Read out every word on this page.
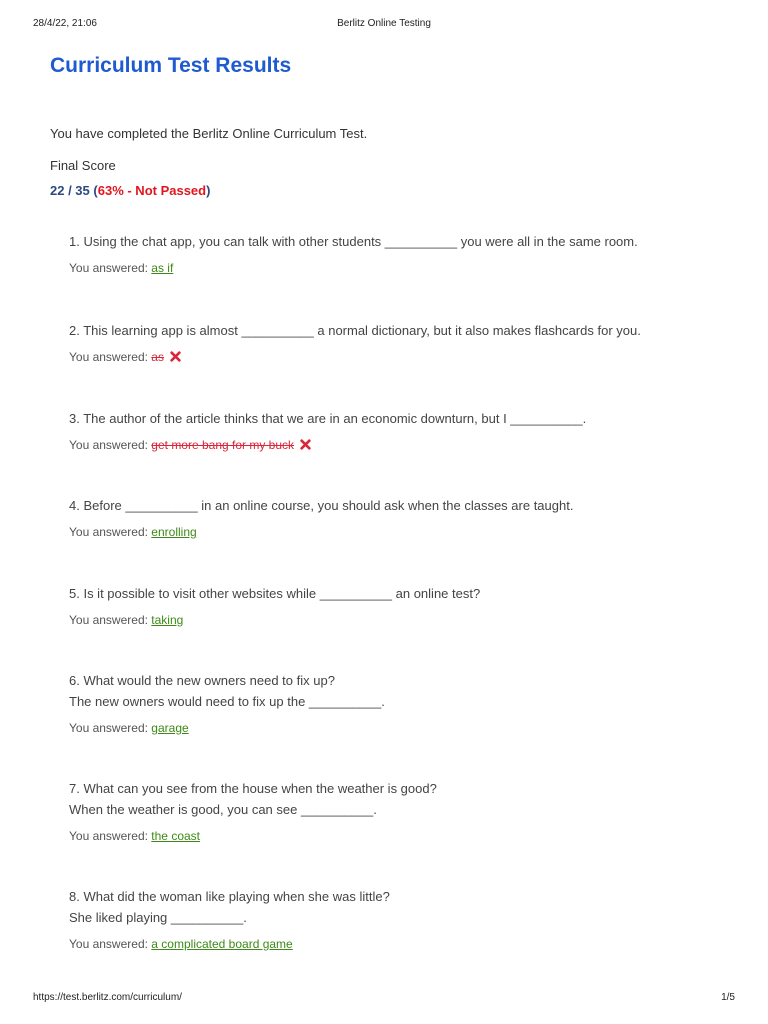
28/4/22, 21:06	Berlitz Online Testing
Curriculum Test Results
You have completed the Berlitz Online Curriculum Test.
Final Score
22 / 35 (63% - Not Passed)
1. Using the chat app, you can talk with other students __________ you were all in the same room.
You answered: as if
2. This learning app is almost __________ a normal dictionary, but it also makes flashcards for you.
You answered: as
3. The author of the article thinks that we are in an economic downturn, but I __________.
You answered: get more bang for my buck
4. Before __________ in an online course, you should ask when the classes are taught.
You answered: enrolling
5. Is it possible to visit other websites while __________ an online test?
You answered: taking
6. What would the new owners need to fix up?
The new owners would need to fix up the __________.
You answered: garage
7. What can you see from the house when the weather is good?
When the weather is good, you can see __________.
You answered: the coast
8. What did the woman like playing when she was little?
She liked playing __________.
You answered: a complicated board game
https://test.berlitz.com/curriculum/	1/5
